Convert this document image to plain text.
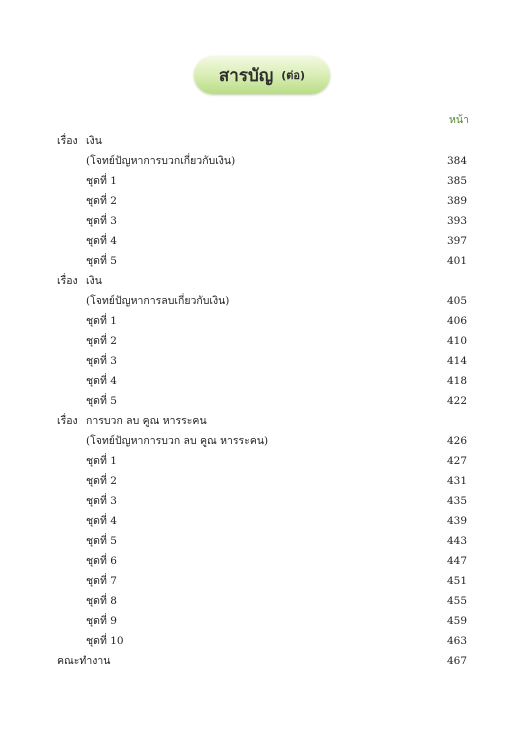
สารบัญ (ต่อ)
หน้า
เรื่อง เงิน
(โจทย์ปัญหาการบวกเกี่ยวกับเงิน)	384
ชุดที่ 1	385
ชุดที่ 2	389
ชุดที่ 3	393
ชุดที่ 4	397
ชุดที่ 5	401
เรื่อง เงิน
(โจทย์ปัญหาการลบเกี่ยวกับเงิน)	405
ชุดที่ 1	406
ชุดที่ 2	410
ชุดที่ 3	414
ชุดที่ 4	418
ชุดที่ 5	422
เรื่อง การบวก ลบ คูณ หารระคน
(โจทย์ปัญหาการบวก ลบ คูณ หารระคน)	426
ชุดที่ 1	427
ชุดที่ 2	431
ชุดที่ 3	435
ชุดที่ 4	439
ชุดที่ 5	443
ชุดที่ 6	447
ชุดที่ 7	451
ชุดที่ 8	455
ชุดที่ 9	459
ชุดที่ 10	463
คณะทำงาน	467
